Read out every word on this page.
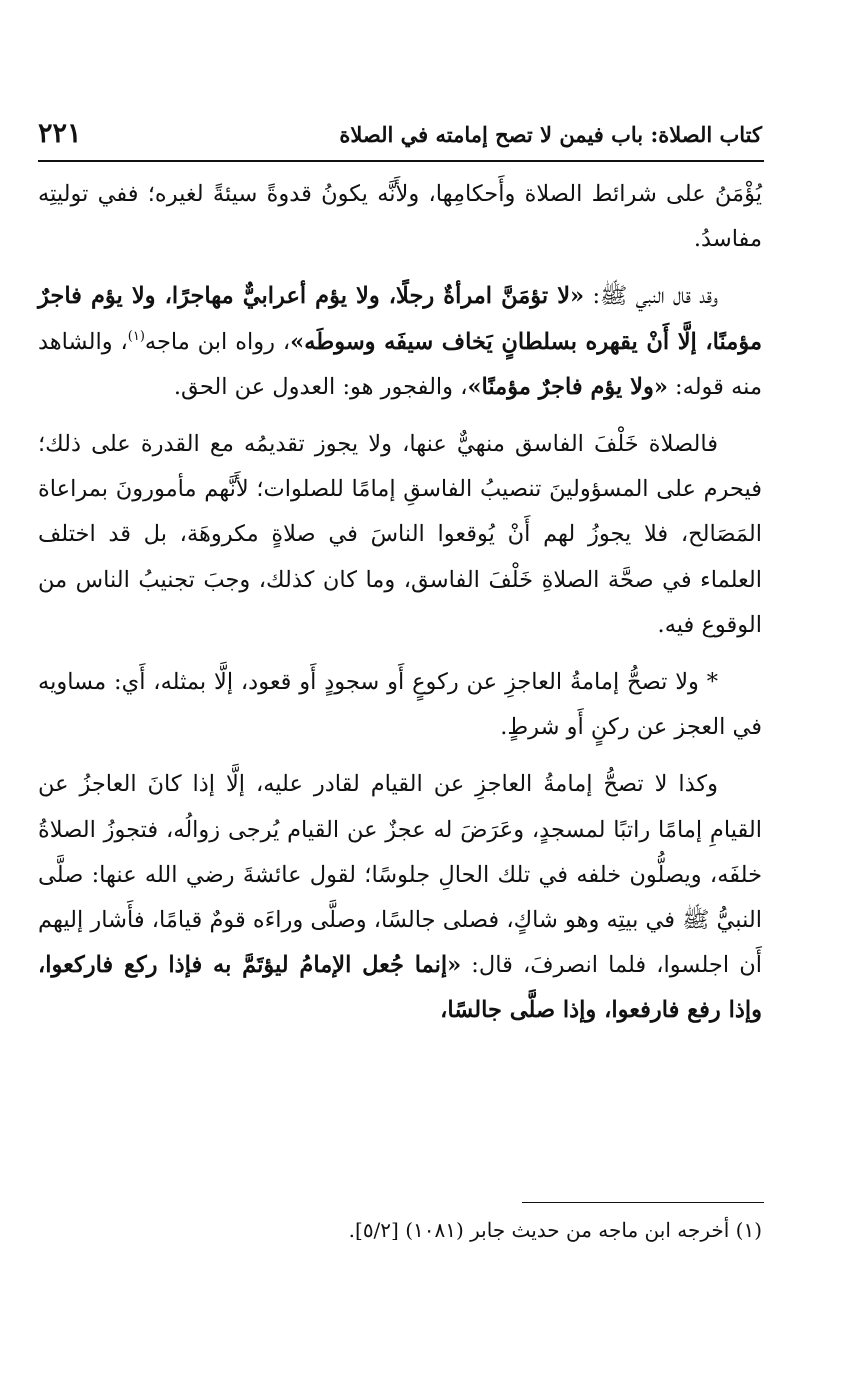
٢٢١	كتاب الصلاة: باب فيمن لا تصح إمامته في الصلاة

يُؤْمَنُ على شرائط الصلاة وأَحكامِها، ولأَنَّه يكونُ قدوةً سيئةً لغيره؛ ففي توليتِه مفاسدُ.

وقد قال النبي ﷺ: «لا تؤمَنَّ امرأةٌ رجلًا، ولا يؤم أعرابيٌّ مهاجرًا، ولا يؤم فاجرٌ مؤمنًا، إلَّا أَنْ يقهره بسلطانٍ يَخاف سيفَه وسوطَه»، رواه ابن ماجه$^{(١)}$، والشاهد منه قوله: «ولا يؤم فاجرٌ مؤمنًا»، والفجور هو: العدول عن الحق.

فالصلاة خَلْفَ الفاسق منهيٌّ عنها، ولا يجوز تقديمُه مع القدرة على ذلك؛ فيحرم على المسؤولينَ تنصيبُ الفاسقِ إمامًا للصلوات؛ لأَنَّهم مأمورونَ بمراعاة المَصَالح، فلا يجوزُ لهم أَنْ يُوقعوا الناسَ في صلاةٍ مكروهَة، بل قد اختلف العلماء في صحَّة الصلاةِ خَلْفَ الفاسق، وما كان كذلك، وجبَ تجنيبُ الناس من الوقوع فيه.

* ولا تصحُّ إمامةُ العاجزِ عن ركوعٍ أَو سجودٍ أَو قعود، إلَّا بمثله، أَي: مساويه في العجز عن ركنٍ أَو شرطٍ.

وكذا لا تصحُّ إمامةُ العاجزِ عن القيام لقادر عليه، إلَّا إذا كانَ العاجزُ عن القيامِ إمامًا راتبًا لمسجدٍ، وعَرَضَ له عجزٌ عن القيام يُرجى زوالُه، فتجوزُ الصلاةُ خلفَه، ويصلُّون خلفه في تلك الحالِ جلوسًا؛ لقول عائشةَ رضي الله عنها: صلَّى النبيُّ ﷺ في بيتِه وهو شاكٍ، فصلى جالسًا، وصلَّى وراءَه قومٌ قيامًا، فأَشار إليهم أَن اجلسوا، فلما انصرفَ، قال: «إنما جُعل الإمامُ ليؤتَمَّ به فإذا ركع فاركعوا، وإذا رفع فارفعوا، وإذا صلَّى جالسًا،

(١) أخرجه ابن ماجه من حديث جابر (١٠٨١) [٥/٢].
